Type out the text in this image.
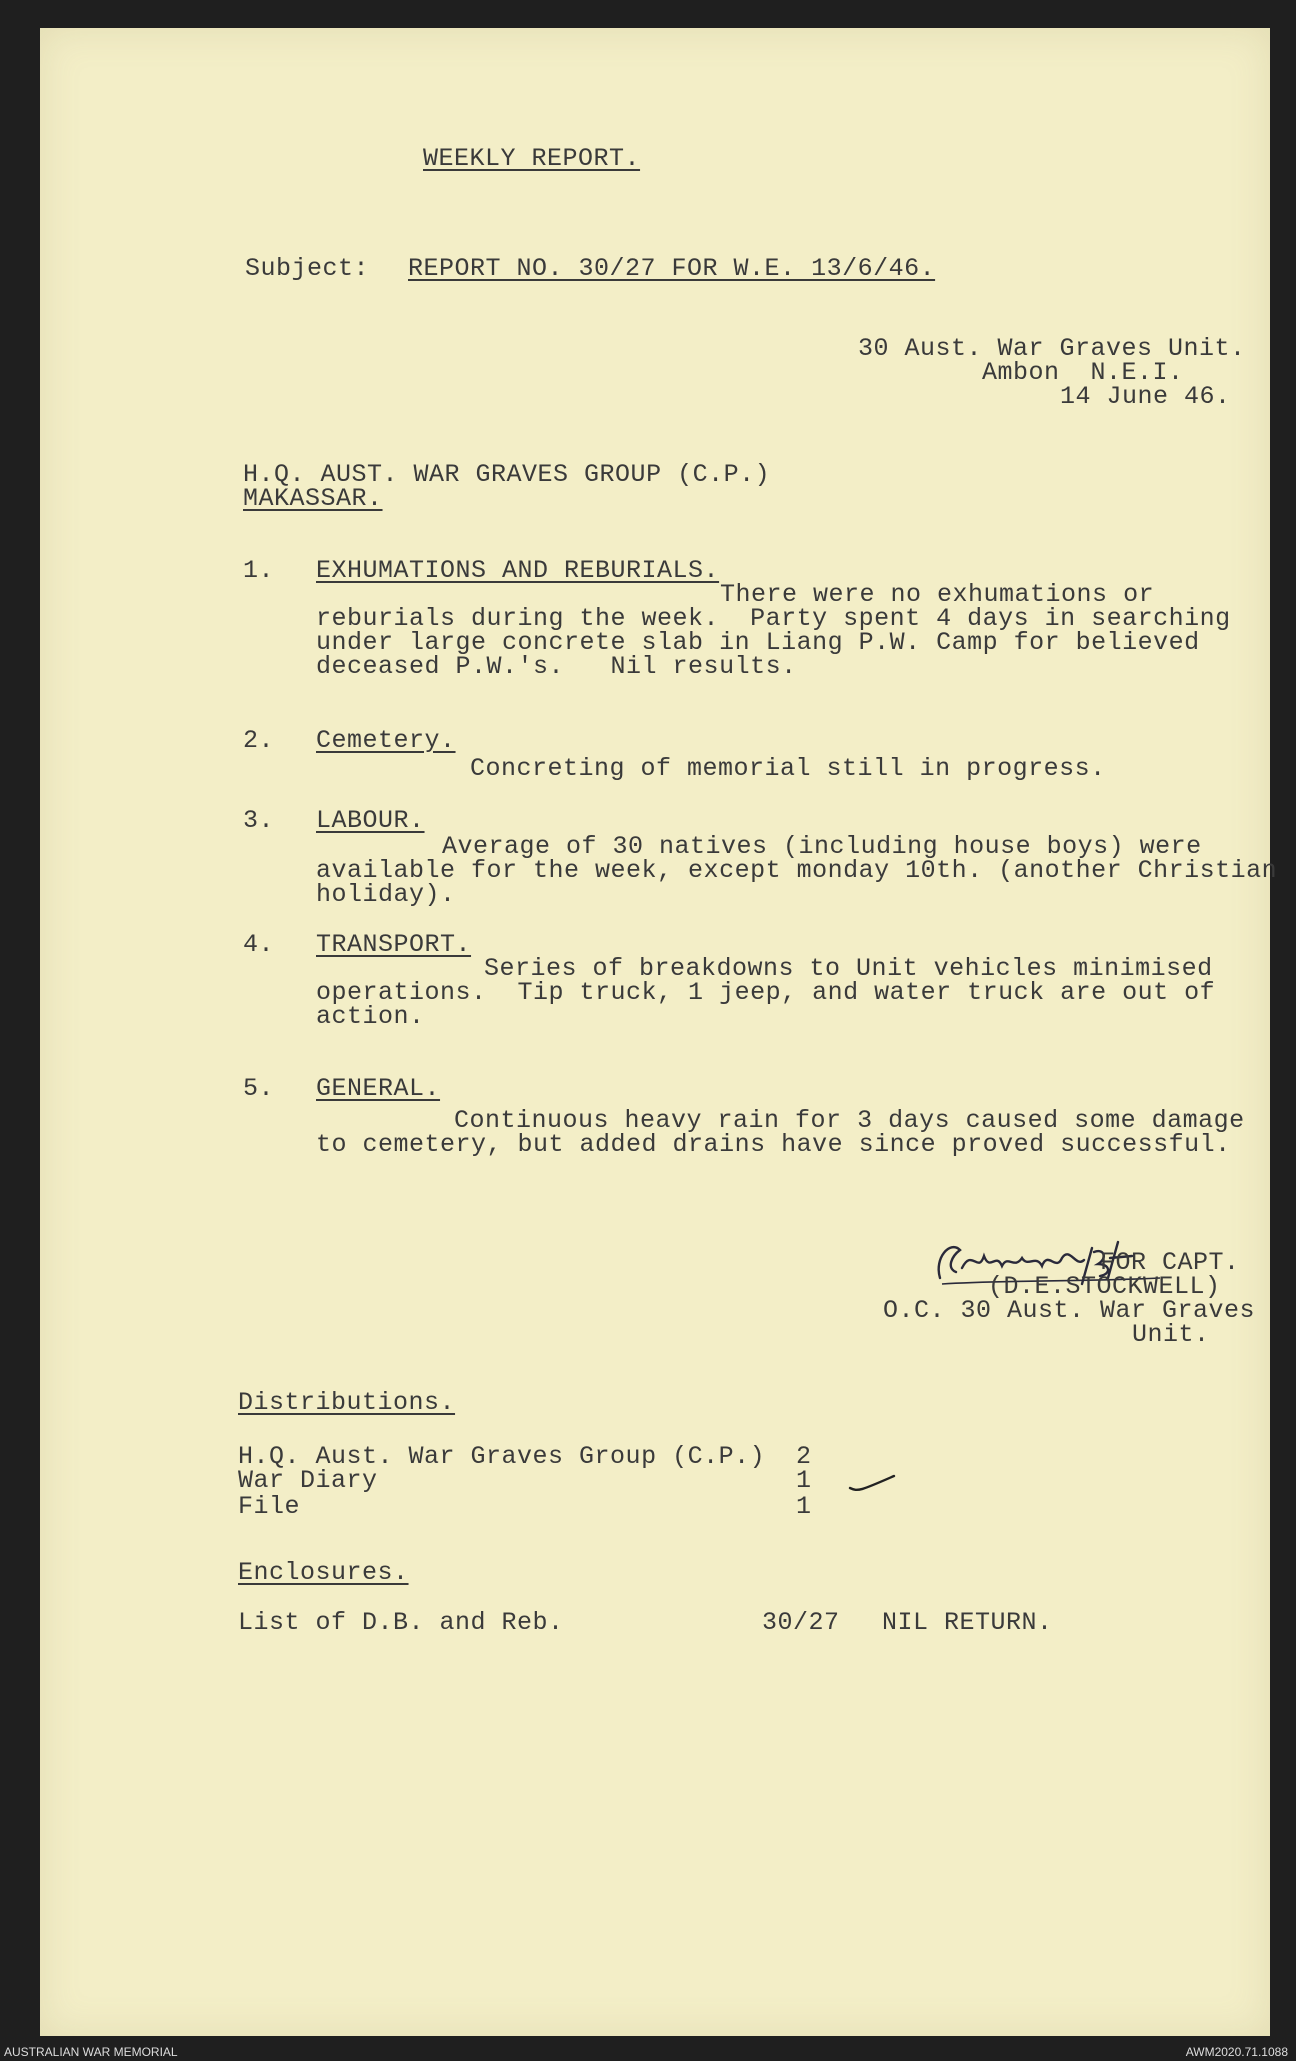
WEEKLY REPORT.
Subject: REPORT NO. 30/27 FOR W.E. 13/6/46.
30 Aust. War Graves Unit.
Ambon  N.E.I.
14 June 46.
H.Q. AUST. WAR GRAVES GROUP (C.P.)
MAKASSAR.
1. EXHUMATIONS AND REBURIALS.
There were no exhumations or
reburials during the week.  Party spent 4 days in searching
under large concrete slab in Liang P.W. Camp for believed
deceased P.W.'s.   Nil results.
2. Cemetery.
Concreting of memorial still in progress.
3. LABOUR.
Average of 30 natives (including house boys) were
available for the week, except monday 10th. (another Christian
holiday).
4. TRANSPORT.
Series of breakdowns to Unit vehicles minimised
operations.  Tip truck, 1 jeep, and water truck are out of
action.
5. GENERAL.
Continuous heavy rain for 3 days caused some damage
to cemetery, but added drains have since proved successful.
FOR CAPT.
(D.E.STOCKWELL)
O.C. 30 Aust. War Graves
Unit.
Distributions.
H.Q. Aust. War Graves Group (C.P.) 2
War Diary	1
File	1
Enclosures.
List of D.B. and Reb.	30/27 NIL RETURN.
AUSTRALIAN WAR MEMORIAL	AWM2020.71.1088
